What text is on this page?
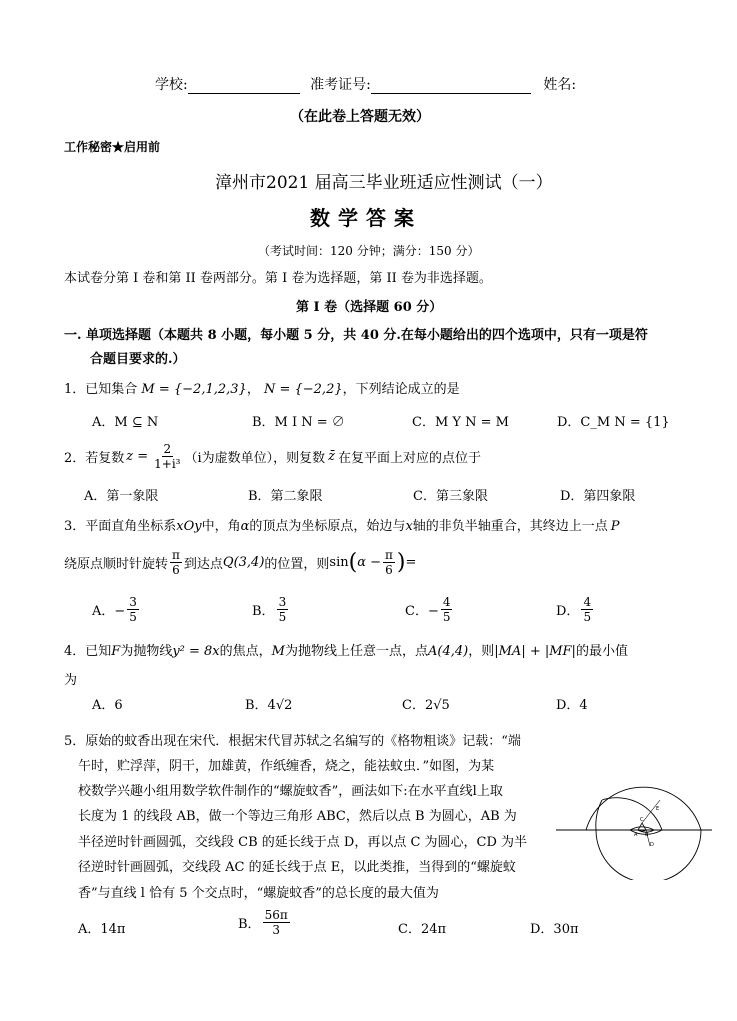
学校:	准考证号:	姓名:
（在此卷上答题无效）
工作秘密★启用前
漳州市2021 届高三毕业班适应性测试（一）
数学答案
（考试时间：120 分钟；满分：150 分）
本试卷分第 I 卷和第 II 卷两部分。第 I 卷为选择题，第 II 卷为非选择题。
第 I 卷（选择题 60 分）
一. 单项选择题（本题共 8 小题，每小题 5 分，共 40 分.在每小题给出的四个选项中，只有一项是符
合题目要求的.）
1．已知集合 M = {−2,1,2,3}， N = {−2,2}，下列结论成立的是
A．M ⊆ N	B．M I N = ∅	C．M Y N = M	D．C_M N = {1}
2．若复数 $z = \frac{2}{\text{1+i³}} (i$为虚数单位），则复数 z̄ 在复平面上对应的点位于
A．第一象限	B．第二象限	C．第三象限	D．第四象限
3．平面直角坐标系xOy中，角α的顶点为坐标原点，始边与x轴的非负半轴重合，其终边上一点 P
绕原点顺时针旋转 $\frac{\pi}{6}$ 到达点 Q(3,4) 的位置，则 sin ( $\alpha - \frac{\pi}{6}$ ) =
A．− $\frac{3}{5}$	B． $\frac{3}{5}$	C．− $\frac{4}{5}$	D． $\frac{4}{5}$
4．已知F为抛物线y² = 8x的焦点，M为抛物线上任意一点，点A(4,4)，则|MA| + |MF|的最小值
为
A．6	B．4√2	C．2√5	D．4
5．原始的蚊香出现在宋代．根据宋代冒苏轼之名编写的《格物粗谈》记载：“端
午时，贮浮萍，阴干，加雄黄，作纸缠香，烧之，能祛蚊虫．”如图，为某
校数学兴趣小组用数学软件制作的“螺旋蚊香”，画法如下:在水平直线l上取
长度为 1 的线段 AB，做一个等边三角形 ABC，然后以点 B 为圆心，AB 为
半径逆时针画圆弧，交线段 CB 的延长线于点 D，再以点 C 为圆心，CD 为半
径逆时针画圆弧，交线段 AC 的延长线于点 E，以此类推，当得到的“螺旋蚊
香”与直线 l 恰有 5 个交点时，“螺旋蚊香”的总长度的最大值为
A．14π	B． $\frac{56\pi}{3}$	C．24π	D．30π
E
C
A B
D
